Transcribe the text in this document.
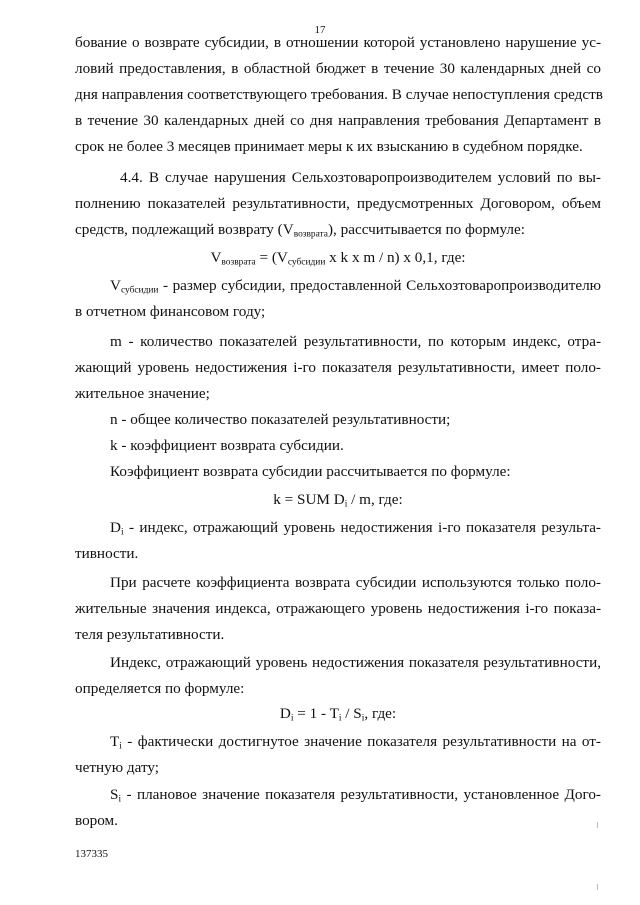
17
бование о возврате субсидии, в отношении которой установлено нарушение ус-
ловий предоставления, в областной бюджет в течение 30 календарных дней со
дня направления соответствующего требования. В случае непоступления средств
в течение 30 календарных дней со дня направления требования Департамент в
срок не более 3 месяцев принимает меры к их взысканию в судебном порядке.
4.4. В случае нарушения Сельхозтоваропроизводителем условий по вы-
полнению показателей результативности, предусмотренных Договором, объем
средств, подлежащий возврату $(V_{возврата})$, рассчитывается по формуле:
$V_{возврата} = (V_{субсидии}$ x k x m / n) x 0,1, где:
$V_{субсидии}$ - размер субсидии, предоставленной Сельхозтоваропроизводителю
в отчетном финансовом году;
m - количество показателей результативности, по которым индекс, отра-
жающий уровень недостижения i-го показателя результативности, имеет поло-
жительное значение;
n - общее количество показателей результативности;
k - коэффициент возврата субсидии.
Коэффициент возврата субсидии рассчитывается по формуле:
k = SUM $D_i$ / m, где:
$D_i$ - индекс, отражающий уровень недостижения i-го показателя результа-
тивности.
При расчете коэффициента возврата субсидии используются только поло-
жительные значения индекса, отражающего уровень недостижения i-го показа-
теля результативности.
Индекс, отражающий уровень недостижения показателя результативности,
определяется по формуле:
$D_i = 1 - T_i / S_i$, где:
$T_i$ - фактически достигнутое значение показателя результативности на от-
четную дату;
$S_i$ - плановое значение показателя результативности, установленное Дого-
вором.
137335
